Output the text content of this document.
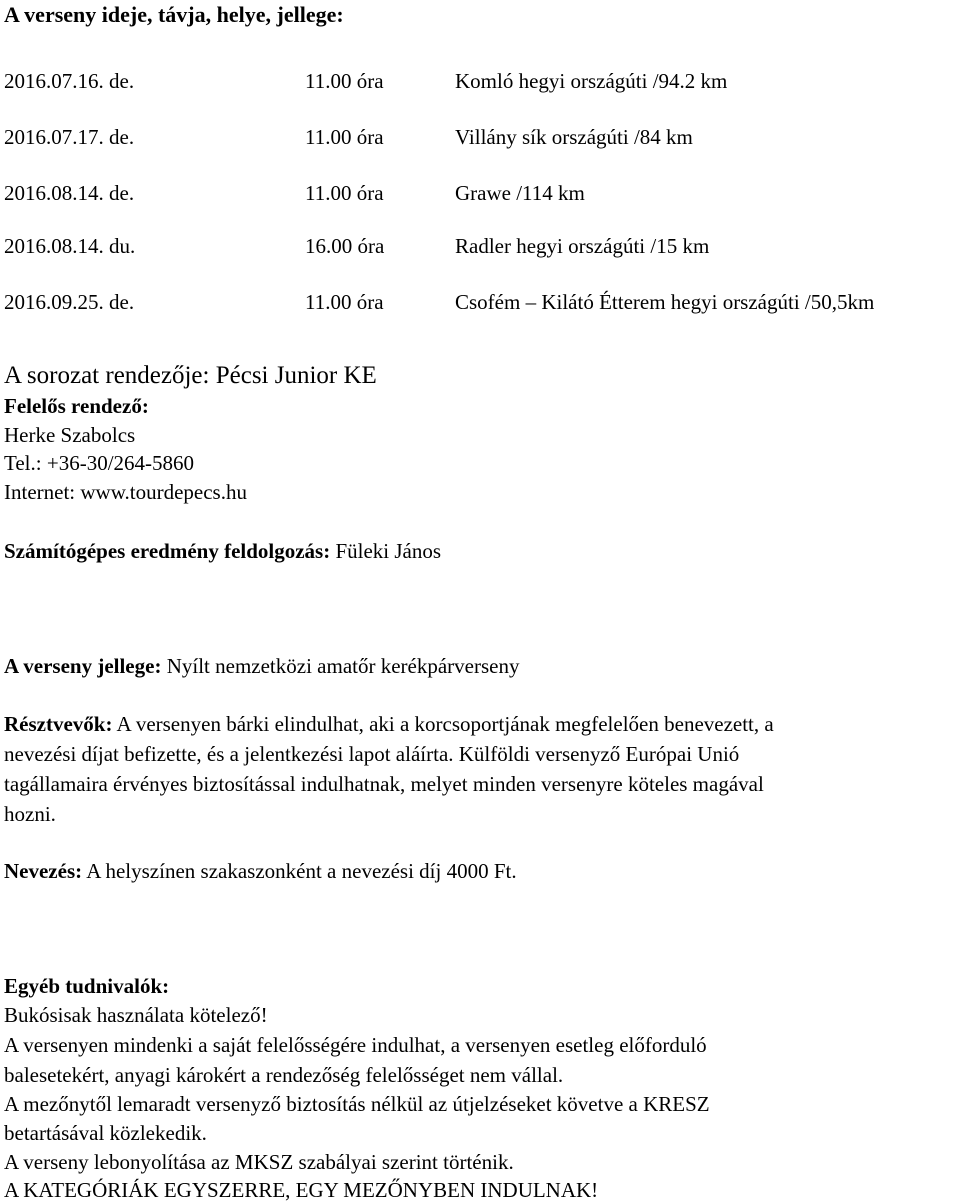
A verseny ideje, távja, helye, jellege:
2016.07.16. de.	11.00 óra	Komló hegyi országúti /94.2 km
2016.07.17. de.	11.00 óra	Villány sík országúti /84 km
2016.08.14. de.	11.00 óra	Grawe /114 km
2016.08.14. du.	16.00 óra	Radler hegyi országúti /15 km
2016.09.25. de.	11.00 óra	Csofém – Kilátó Étterem hegyi országúti /50,5km
A sorozat rendezője: Pécsi Junior KE
Felelős rendező:
Herke Szabolcs
Tel.: +36-30/264-5860
Internet: www.tourdepecs.hu
Számítógépes eredmény feldolgozás: Füleki János
A verseny jellege: Nyílt nemzetközi amatőr kerékpárverseny
Résztvevők: A versenyen bárki elindulhat, aki a korcsoportjának megfelelően benevezett, a
nevezési díjat befizette, és a jelentkezési lapot aláírta. Külföldi versenyző Európai Unió
tagállamaira érvényes biztosítással indulhatnak, melyet minden versenyre köteles magával
hozni.
Nevezés: A helyszínen szakaszonként a nevezési díj 4000 Ft.
Egyéb tudnivalók:
Bukósisak használata kötelező!
A versenyen mindenki a saját felelősségére indulhat, a versenyen esetleg előforduló
balesetekért, anyagi károkért a rendezőség felelősséget nem vállal.
A mezőnytől lemaradt versenyző biztosítás nélkül az útjelzéseket követve a KRESZ
betartásával közlekedik.
A verseny lebonyolítása az MKSZ szabályai szerint történik.
A KATEGÓRIÁK EGYSZERRE, EGY MEZŐNYBEN INDULNAK!
